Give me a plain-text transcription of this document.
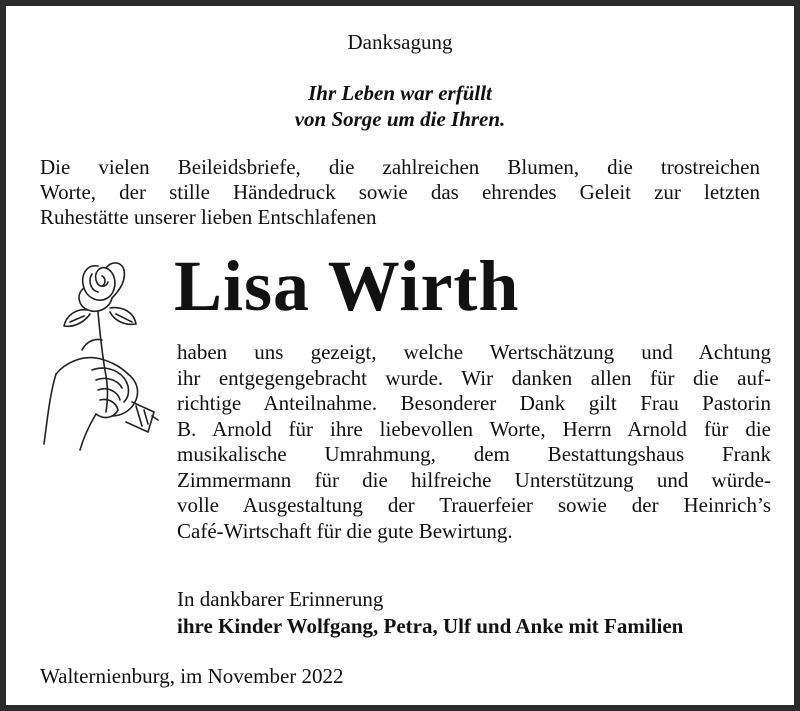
Danksagung
Ihr Leben war erfüllt
von Sorge um die Ihren.
Die vielen Beileidsbriefe, die zahlreichen Blumen, die trostreichen
Worte, der stille Händedruck sowie das ehrendes Geleit zur letzten
Ruhestätte unserer lieben Entschlafenen
Lisa Wirth
haben uns gezeigt, welche Wertschätzung und Achtung
ihr entgegengebracht wurde. Wir danken allen für die auf-
richtige Anteilnahme. Besonderer Dank gilt Frau Pastorin
B. Arnold für ihre liebevollen Worte, Herrn Arnold für die
musikalische Umrahmung, dem Bestattungshaus Frank
Zimmermann für die hilfreiche Unterstützung und würde-
volle Ausgestaltung der Trauerfeier sowie der Heinrich’s
Café-Wirtschaft für die gute Bewirtung.
In dankbarer Erinnerung
ihre Kinder Wolfgang, Petra, Ulf und Anke mit Familien
Walternienburg, im November 2022
